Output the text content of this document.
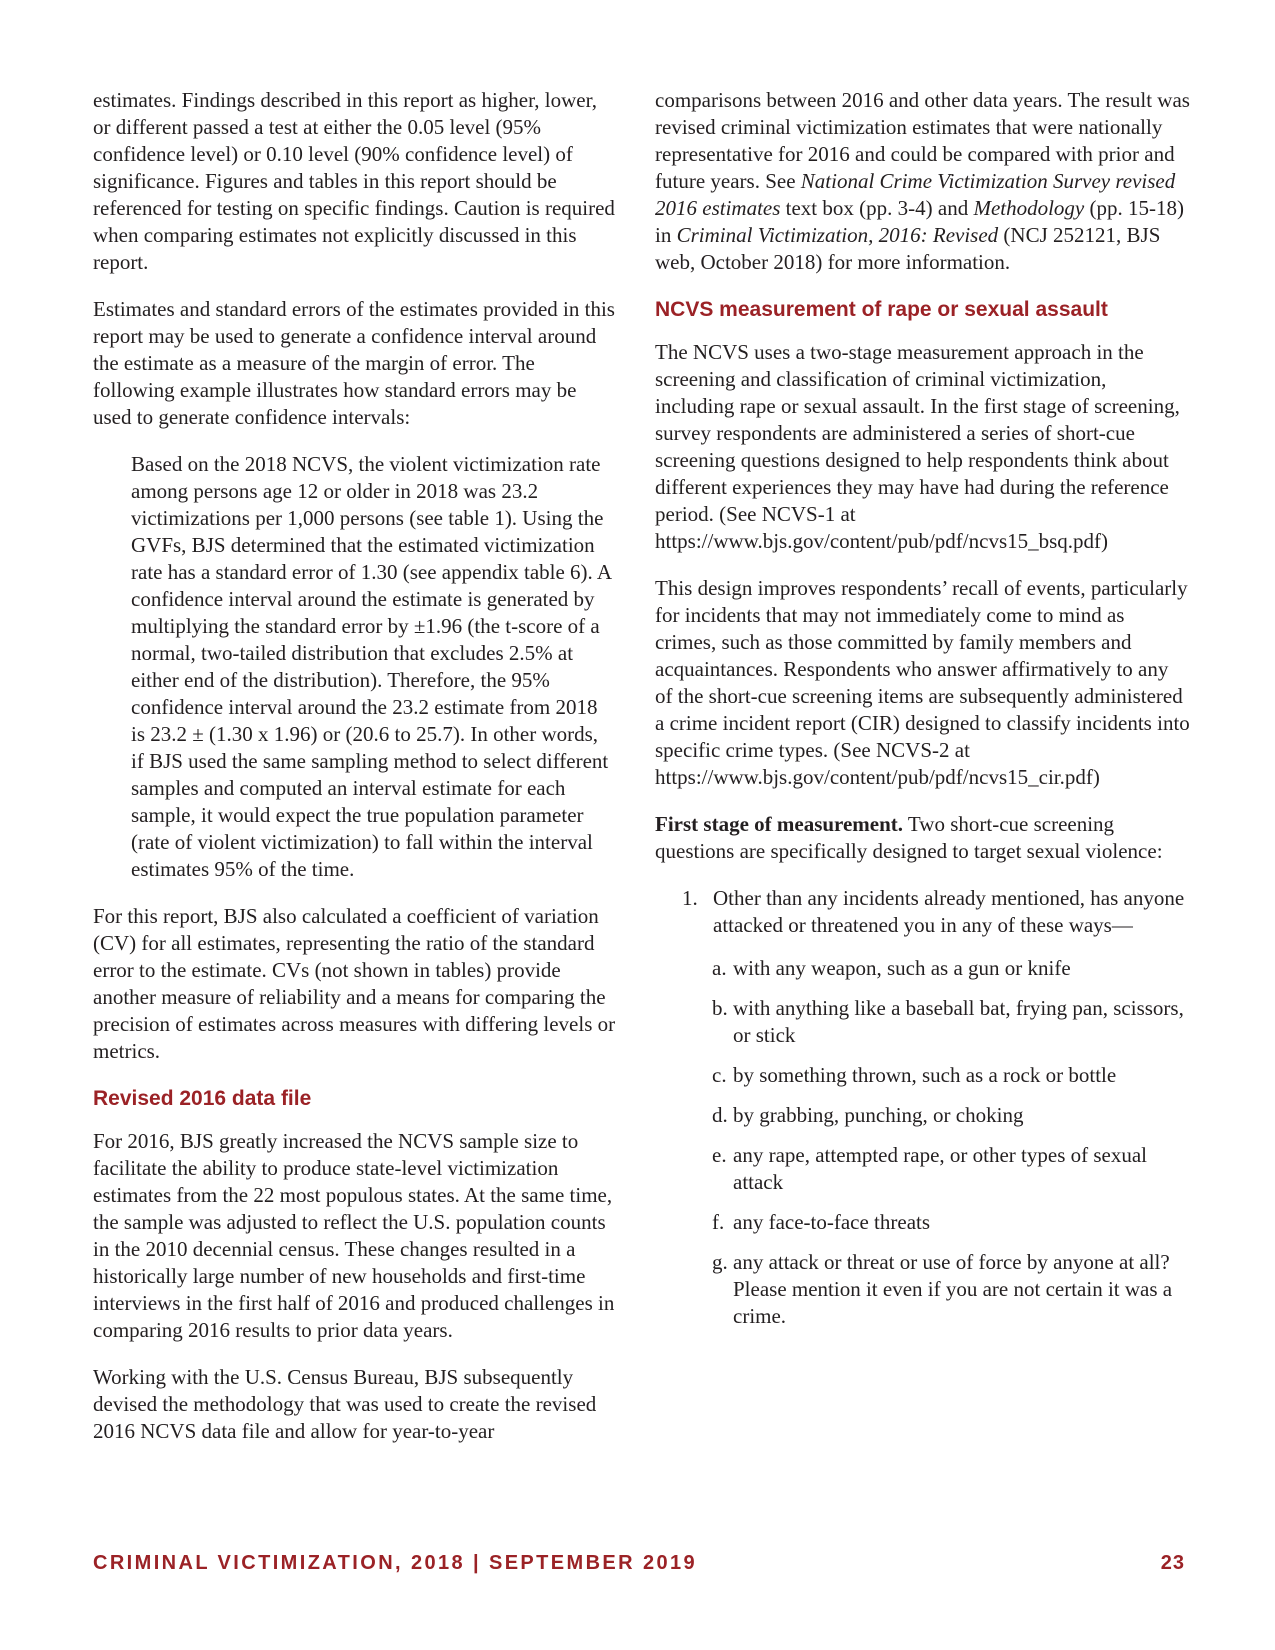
estimates. Findings described in this report as higher, lower, or different passed a test at either the 0.05 level (95% confidence level) or 0.10 level (90% confidence level) of significance. Figures and tables in this report should be referenced for testing on specific findings. Caution is required when comparing estimates not explicitly discussed in this report.

Estimates and standard errors of the estimates provided in this report may be used to generate a confidence interval around the estimate as a measure of the margin of error. The following example illustrates how standard errors may be used to generate confidence intervals:

Based on the 2018 NCVS, the violent victimization rate among persons age 12 or older in 2018 was 23.2 victimizations per 1,000 persons (see table 1). Using the GVFs, BJS determined that the estimated victimization rate has a standard error of 1.30 (see appendix table 6). A confidence interval around the estimate is generated by multiplying the standard error by ±1.96 (the t-score of a normal, two-tailed distribution that excludes 2.5% at either end of the distribution). Therefore, the 95% confidence interval around the 23.2 estimate from 2018 is 23.2 ± (1.30 x 1.96) or (20.6 to 25.7). In other words, if BJS used the same sampling method to select different samples and computed an interval estimate for each sample, it would expect the true population parameter (rate of violent victimization) to fall within the interval estimates 95% of the time.

For this report, BJS also calculated a coefficient of variation (CV) for all estimates, representing the ratio of the standard error to the estimate. CVs (not shown in tables) provide another measure of reliability and a means for comparing the precision of estimates across measures with differing levels or metrics.

Revised 2016 data file

For 2016, BJS greatly increased the NCVS sample size to facilitate the ability to produce state-level victimization estimates from the 22 most populous states. At the same time, the sample was adjusted to reflect the U.S. population counts in the 2010 decennial census. These changes resulted in a historically large number of new households and first-time interviews in the first half of 2016 and produced challenges in comparing 2016 results to prior data years.

Working with the U.S. Census Bureau, BJS subsequently devised the methodology that was used to create the revised 2016 NCVS data file and allow for year-to-year

comparisons between 2016 and other data years. The result was revised criminal victimization estimates that were nationally representative for 2016 and could be compared with prior and future years. See National Crime Victimization Survey revised 2016 estimates text box (pp. 3-4) and Methodology (pp. 15-18) in Criminal Victimization, 2016: Revised (NCJ 252121, BJS web, October 2018) for more information.

NCVS measurement of rape or sexual assault

The NCVS uses a two-stage measurement approach in the screening and classification of criminal victimization, including rape or sexual assault. In the first stage of screening, survey respondents are administered a series of short-cue screening questions designed to help respondents think about different experiences they may have had during the reference period. (See NCVS-1 at https://www.bjs.gov/content/pub/pdf/ncvs15_bsq.pdf)

This design improves respondents’ recall of events, particularly for incidents that may not immediately come to mind as crimes, such as those committed by family members and acquaintances. Respondents who answer affirmatively to any of the short-cue screening items are subsequently administered a crime incident report (CIR) designed to classify incidents into specific crime types. (See NCVS-2 at https://www.bjs.gov/content/pub/pdf/ncvs15_cir.pdf)

First stage of measurement. Two short-cue screening questions are specifically designed to target sexual violence:

1. Other than any incidents already mentioned, has anyone attacked or threatened you in any of these ways—
a. with any weapon, such as a gun or knife
b. with anything like a baseball bat, frying pan, scissors, or stick
c. by something thrown, such as a rock or bottle
d. by grabbing, punching, or choking
e. any rape, attempted rape, or other types of sexual attack
f. any face-to-face threats
g. any attack or threat or use of force by anyone at all? Please mention it even if you are not certain it was a crime.
CRIMINAL VICTIMIZATION, 2018 | SEPTEMBER 2019	23
